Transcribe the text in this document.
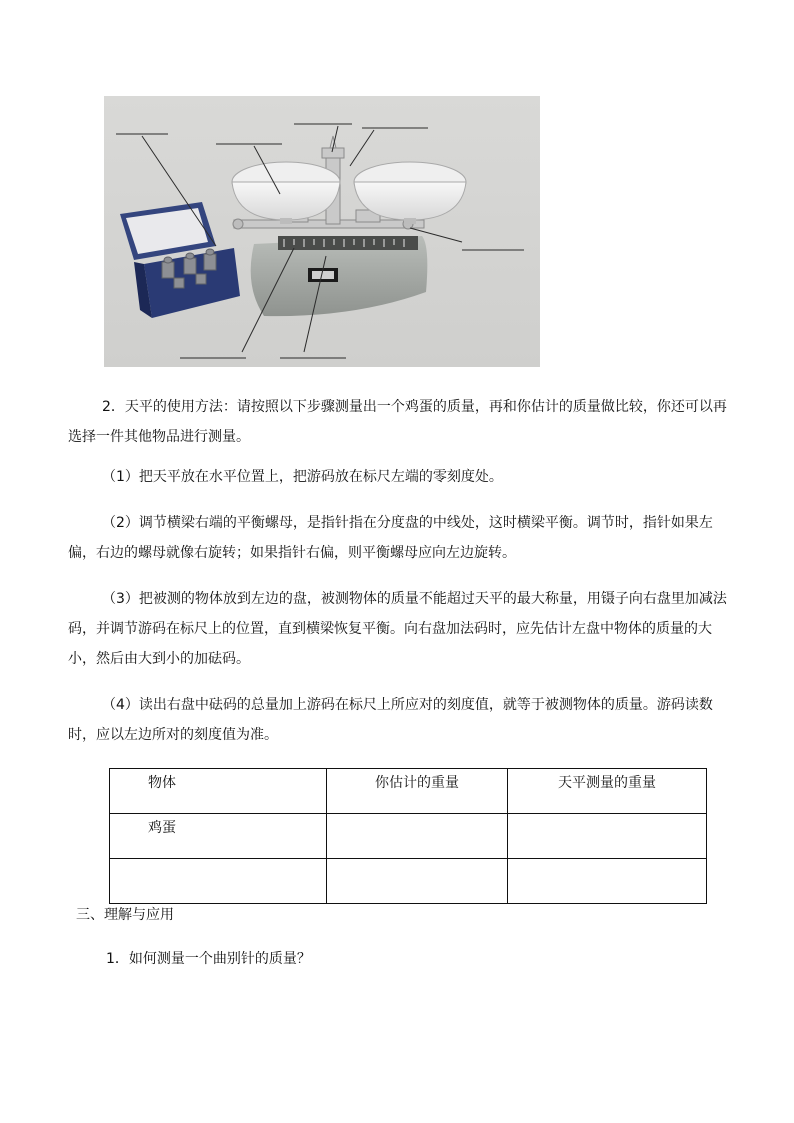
2．天平的使用方法：请按照以下步骤测量出一个鸡蛋的质量，再和你估计的质量做比较，你还可以再选择一件其他物品进行测量。

（1）把天平放在水平位置上，把游码放在标尺左端的零刻度处。

（2）调节横梁右端的平衡螺母，是指针指在分度盘的中线处，这时横梁平衡。调节时，指针如果左偏，右边的螺母就像右旋转；如果指针右偏，则平衡螺母应向左边旋转。

（3）把被测的物体放到左边的盘，被测物体的质量不能超过天平的最大称量，用镊子向右盘里加减法码，并调节游码在标尺上的位置，直到横梁恢复平衡。向右盘加法码时，应先估计左盘中物体的质量的大小，然后由大到小的加砝码。

（4）读出右盘中砝码的总量加上游码在标尺上所应对的刻度值，就等于被测物体的质量。游码读数时，应以左边所对的刻度值为准。

物体	你估计的重量	天平测量的重量
鸡蛋		

三、理解与应用

1．如何测量一个曲别针的质量？
